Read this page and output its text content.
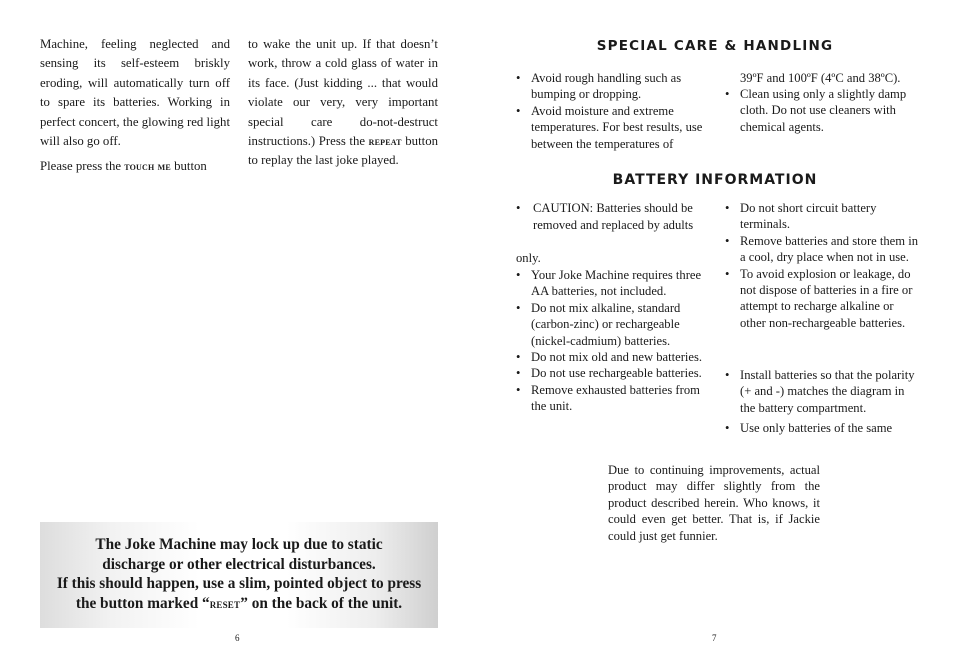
Machine, feeling neglected and sensing its self-esteem briskly eroding, will automatically turn off to spare its batteries. Working in perfect concert, the glowing red light will also go off.

Please press the touch me button

to wake the unit up. If that doesn’t work, throw a cold glass of water in its face. (Just kidding ... that would violate our very, very important special care do-not-destruct instructions.) Press the repeat button to replay the last joke played.

The Joke Machine may lock up due to static
discharge or other electrical disturbances.
If this should happen, use a slim, pointed object to press
the button marked “reset” on the back of the unit.
6
SPECIAL CARE & HANDLING
• Avoid rough handling such as bumping or dropping.
• Avoid moisture and extreme temperatures. For best results, use between the temperatures of
39ºF and 100ºF (4ºC and 38ºC).
• Clean using only a slightly damp cloth. Do not use cleaners with chemical agents.
BATTERY INFORMATION
• CAUTION: Batteries should be removed and replaced by adults
only.
• Your Joke Machine requires three AA batteries, not included.
• Do not mix alkaline, standard (carbon-zinc) or rechargeable (nickel-cadmium) batteries.
• Do not mix old and new batteries.
• Do not use rechargeable batteries.
• Remove exhausted batteries from the unit.
• Do not short circuit battery terminals.
• Remove batteries and store them in a cool, dry place when not in use.
• To avoid explosion or leakage, do not dispose of batteries in a fire or attempt to recharge alkaline or other non-rechargeable batteries.
• Install batteries so that the polarity (+ and -) matches the diagram in the battery compartment.
• Use only batteries of the same
Due to continuing improvements, actual product may differ slightly from the product described herein. Who knows, it could even get better. That is, if Jackie could just get funnier.
7
